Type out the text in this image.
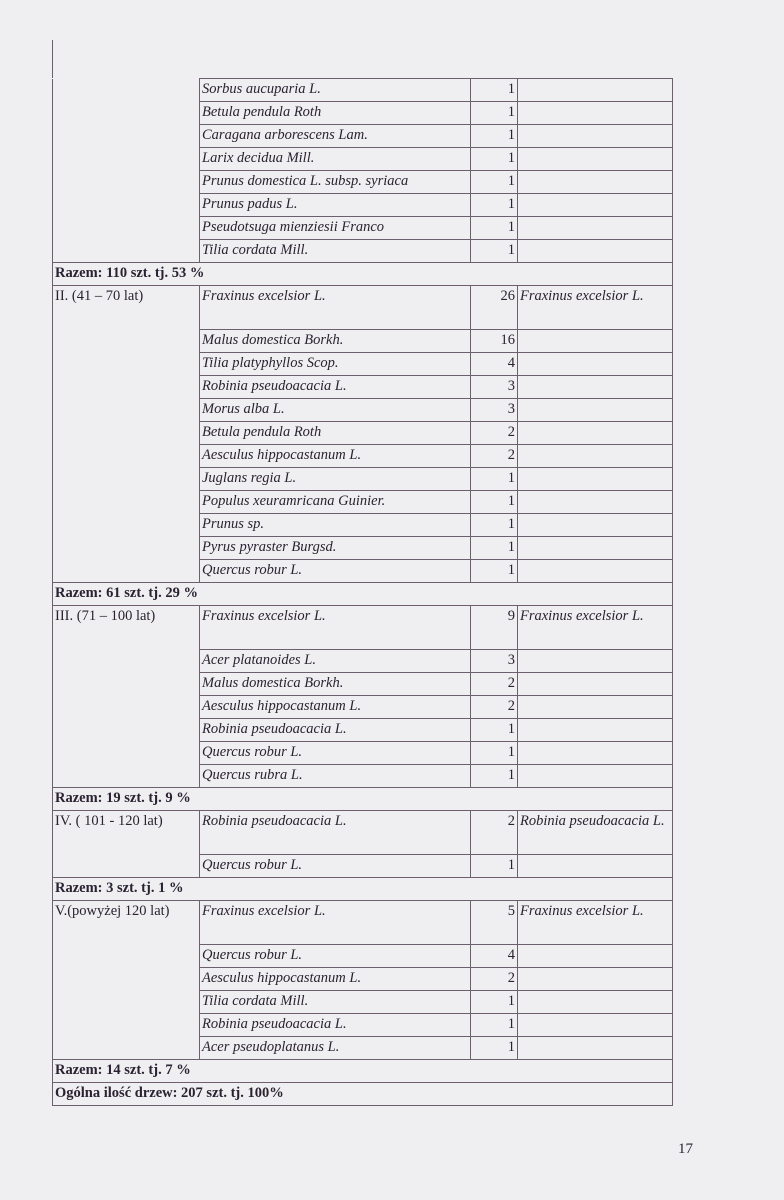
	Sorbus aucuparia L.	1	
	Betula pendula Roth	1	
	Caragana arborescens Lam.	1	
	Larix decidua Mill.	1	
	Prunus domestica L. subsp. syriaca	1	
	Prunus padus L.	1	
	Pseudotsuga mienziesii Franco	1	
	Tilia cordata Mill.	1	
Razem: 110 szt. tj. 53 %			
II. (41 – 70 lat)	Fraxinus excelsior L.	26	Fraxinus excelsior L.
	Malus domestica Borkh.	16	
	Tilia platyphyllos Scop.	4	
	Robinia pseudoacacia L.	3	
	Morus alba L.	3	
	Betula pendula Roth	2	
	Aesculus hippocastanum L.	2	
	Juglans regia L.	1	
	Populus xeuramricana Guinier.	1	
	Prunus sp.	1	
	Pyrus pyraster Burgsd.	1	
	Quercus robur L.	1	
Razem: 61 szt. tj. 29 %			
III. (71 – 100 lat)	Fraxinus excelsior L.	9	Fraxinus excelsior L.
	Acer platanoides L.	3	
	Malus domestica Borkh.	2	
	Aesculus hippocastanum L.	2	
	Robinia pseudoacacia L.	1	
	Quercus robur L.	1	
	Quercus rubra L.	1	
Razem: 19 szt. tj. 9 %			
IV. ( 101 - 120 lat)	Robinia pseudoacacia L.	2	Robinia pseudoacacia L.
	Quercus robur L.	1	
Razem: 3 szt. tj. 1 %			
V.(powyżej 120 lat)	Fraxinus excelsior L.	5	Fraxinus excelsior L.
	Quercus robur L.	4	
	Aesculus hippocastanum L.	2	
	Tilia cordata Mill.	1	
	Robinia pseudoacacia L.	1	
	Acer pseudoplatanus L.	1	
Razem: 14 szt. tj. 7 %			
Ogólna ilość drzew: 207 szt. tj. 100%			
17
